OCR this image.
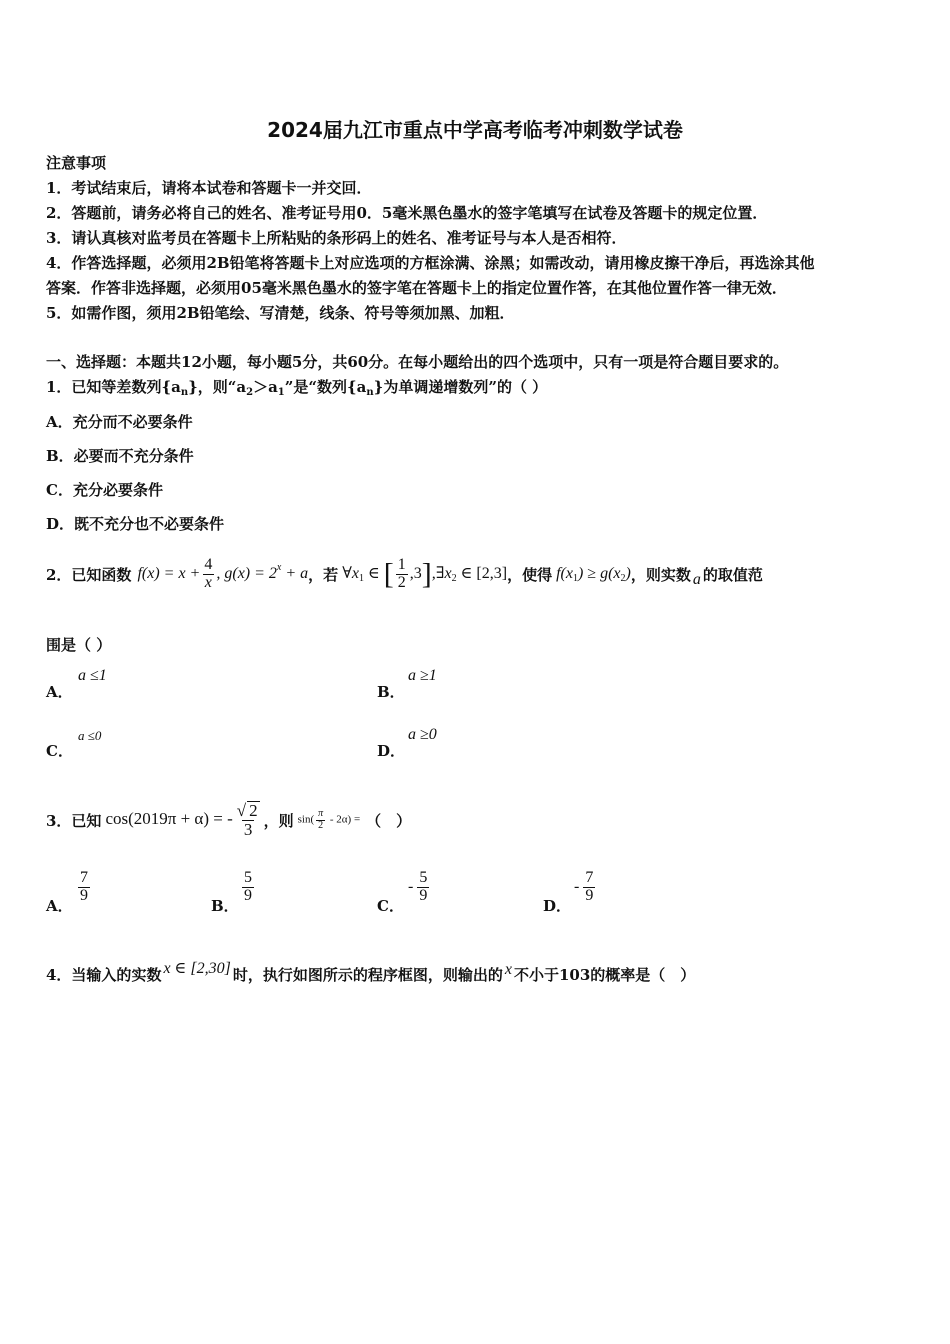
2024届九江市重点中学高考临考冲刺数学试卷
注意事项
1．考试结束后，请将本试卷和答题卡一并交回．
2．答题前，请务必将自己的姓名、准考证号用0．5毫米黑色墨水的签字笔填写在试卷及答题卡的规定位置．
3．请认真核对监考员在答题卡上所粘贴的条形码上的姓名、准考证号与本人是否相符．
4．作答选择题，必须用2B铅笔将答题卡上对应选项的方框涂满、涂黑；如需改动，请用橡皮擦干净后，再选涂其他
答案．作答非选择题，必须用05毫米黑色墨水的签字笔在答题卡上的指定位置作答，在其他位置作答一律无效．
5．如需作图，须用2B铅笔绘、写清楚，线条、符号等须加黑、加粗．
一、选择题：本题共12小题，每小题5分，共60分。在每小题给出的四个选项中，只有一项是符合题目要求的。
1．已知等差数列$\{a_n\}$，则“$a_2>a_1$”是“数列$\{a_n\}$为单调递增数列”的（ ）
A．充分而不必要条件
B．必要而不充分条件
C．充分必要条件
D．既不充分也不必要条件
2．已知函数 $f(x) = x + \frac{4}{x}$ , $g(x) = 2^x + a$ ，若 $\forall x_1$ ∈ [ $\frac{1}{2}$ $,3],\exists x_2$ ∈ [2,3] ，使得 $f(x_1) \ge g(x_2)$ ，则实数 a 的取值范
围是（ ）
A．
a ≤1
B．
a ≥1
C．
a ≤0
D．
a ≥0
3．已知 cos(2019π + α) = - $\frac{√ 2}{3}$ ，则 $\sin( \frac{\pi}{2} - 2\alpha)$ = （　）
A．
$\frac{7}{9}$
B．
$\frac{5}{9}$
C．
- $\frac{5}{9}$
D．
- $\frac{7}{9}$
4．当输入的实数 x ∈ [2,30] 时，执行如图所示的程序框图，则输出的 x 不小于103的概率是（　）
